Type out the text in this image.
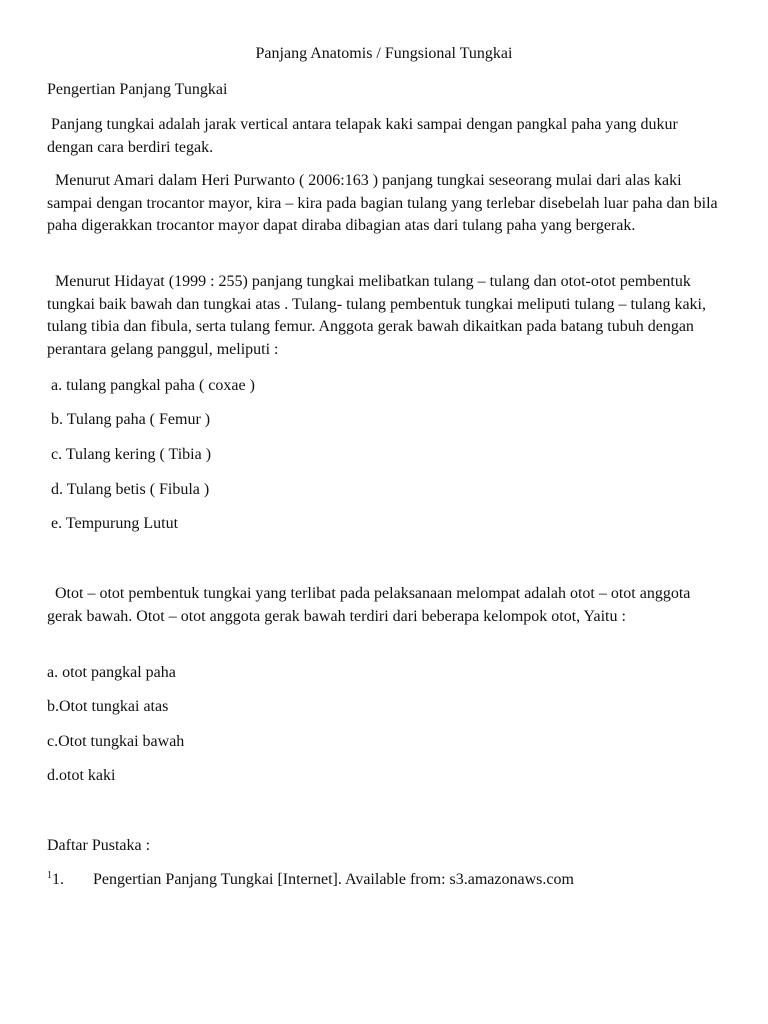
Panjang Anatomis / Fungsional Tungkai

Pengertian Panjang Tungkai

Panjang tungkai adalah jarak vertical antara telapak kaki sampai dengan pangkal paha yang dukur dengan cara berdiri tegak.

Menurut Amari dalam Heri Purwanto ( 2006:163 ) panjang tungkai seseorang mulai dari alas kaki sampai dengan trocantor mayor, kira – kira pada bagian tulang yang terlebar disebelah luar paha dan bila paha digerakkan trocantor mayor dapat diraba dibagian atas dari tulang paha yang bergerak.

Menurut Hidayat (1999 : 255) panjang tungkai melibatkan tulang – tulang dan otot-otot pembentuk tungkai baik bawah dan tungkai atas . Tulang- tulang pembentuk tungkai meliputi tulang – tulang kaki, tulang tibia dan fibula, serta tulang femur. Anggota gerak bawah dikaitkan pada batang tubuh dengan perantara gelang panggul, meliputi :

a. tulang pangkal paha ( coxae )

b. Tulang paha ( Femur )

c. Tulang kering ( Tibia )

d. Tulang betis ( Fibula )

e. Tempurung Lutut

Otot – otot pembentuk tungkai yang terlibat pada pelaksanaan melompat adalah otot – otot anggota gerak bawah. Otot – otot anggota gerak bawah terdiri dari beberapa kelompok otot, Yaitu :

a. otot pangkal paha

b.Otot tungkai atas

c.Otot tungkai bawah

d.otot kaki

Daftar Pustaka :

$^1$1. Pengertian Panjang Tungkai [Internet]. Available from: s3.amazonaws.com
